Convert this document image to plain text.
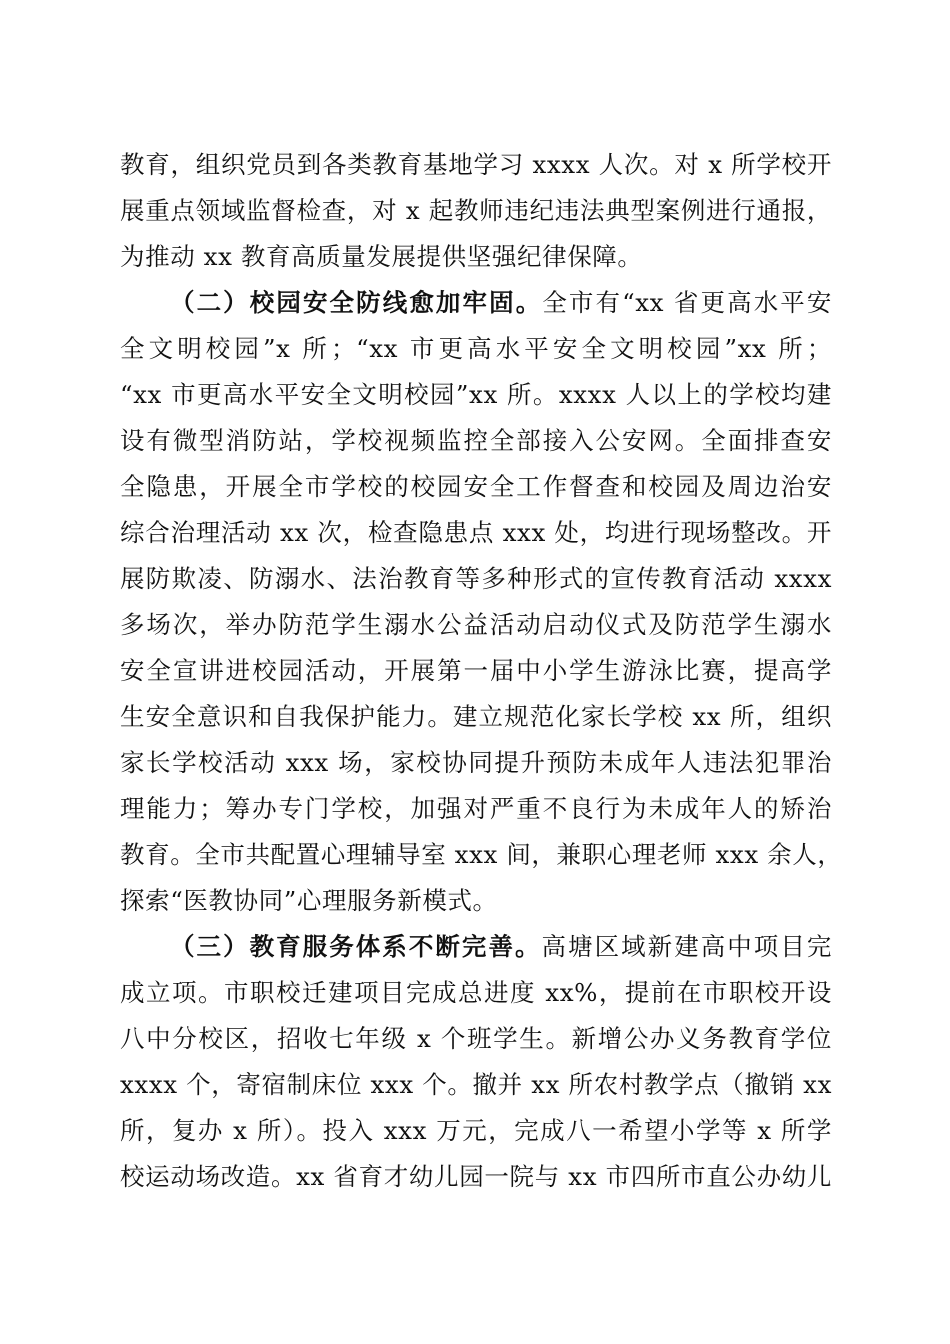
教育，组织党员到各类教育基地学习 xxxx 人次。对 x 所学校开
展重点领域监督检查，对 x 起教师违纪违法典型案例进行通报，
为推动 xx 教育高质量发展提供坚强纪律保障。
（二）校园安全防线愈加牢固。全市有“xx 省更高水平安
全文明校园”x 所；“xx 市更高水平安全文明校园”xx 所；
“xx 市更高水平安全文明校园”xx 所。xxxx 人以上的学校均建
设有微型消防站，学校视频监控全部接入公安网。全面排查安
全隐患，开展全市学校的校园安全工作督查和校园及周边治安
综合治理活动 xx 次，检查隐患点 xxx 处，均进行现场整改。开
展防欺凌、防溺水、法治教育等多种形式的宣传教育活动 xxxx
多场次，举办防范学生溺水公益活动启动仪式及防范学生溺水
安全宣讲进校园活动，开展第一届中小学生游泳比赛，提高学
生安全意识和自我保护能力。建立规范化家长学校 xx 所，组织
家长学校活动 xxx 场，家校协同提升预防未成年人违法犯罪治
理能力；筹办专门学校，加强对严重不良行为未成年人的矫治
教育。全市共配置心理辅导室 xxx 间，兼职心理老师 xxx 余人，
探索“医教协同”心理服务新模式。
（三）教育服务体系不断完善。高塘区域新建高中项目完
成立项。市职校迁建项目完成总进度 xx%，提前在市职校开设
八中分校区，招收七年级 x 个班学生。新增公办义务教育学位
xxxx 个，寄宿制床位 xxx 个。撤并 xx 所农村教学点（撤销 xx
所，复办 x 所）。投入 xxx 万元，完成八一希望小学等 x 所学
校运动场改造。xx 省育才幼儿园一院与 xx 市四所市直公办幼儿
